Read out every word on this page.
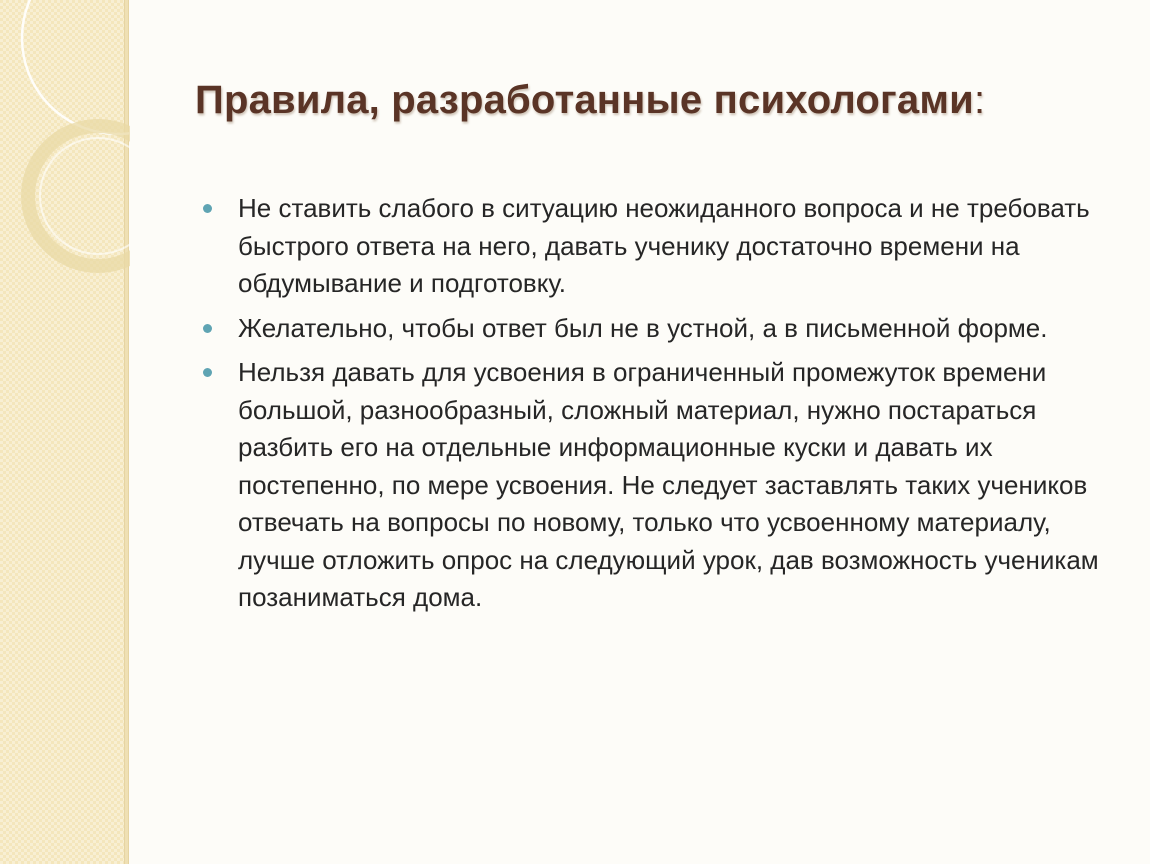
Правила, разработанные психологами:
Не ставить слабого в ситуацию неожиданного вопроса и не требовать быстрого ответа на него, давать ученику достаточно времени на обдумывание и подготовку.
Желательно, чтобы ответ был не в устной, а в письменной форме.
Нельзя давать для усвоения в ограниченный промежуток времени большой, разнообразный, сложный материал, нужно постараться разбить его на отдельные информационные куски и давать их постепенно, по мере усвоения. Не следует заставлять таких учеников отвечать на вопросы по новому, только что усвоенному материалу, лучше отложить опрос на следующий урок, дав возможность ученикам позаниматься дома.
